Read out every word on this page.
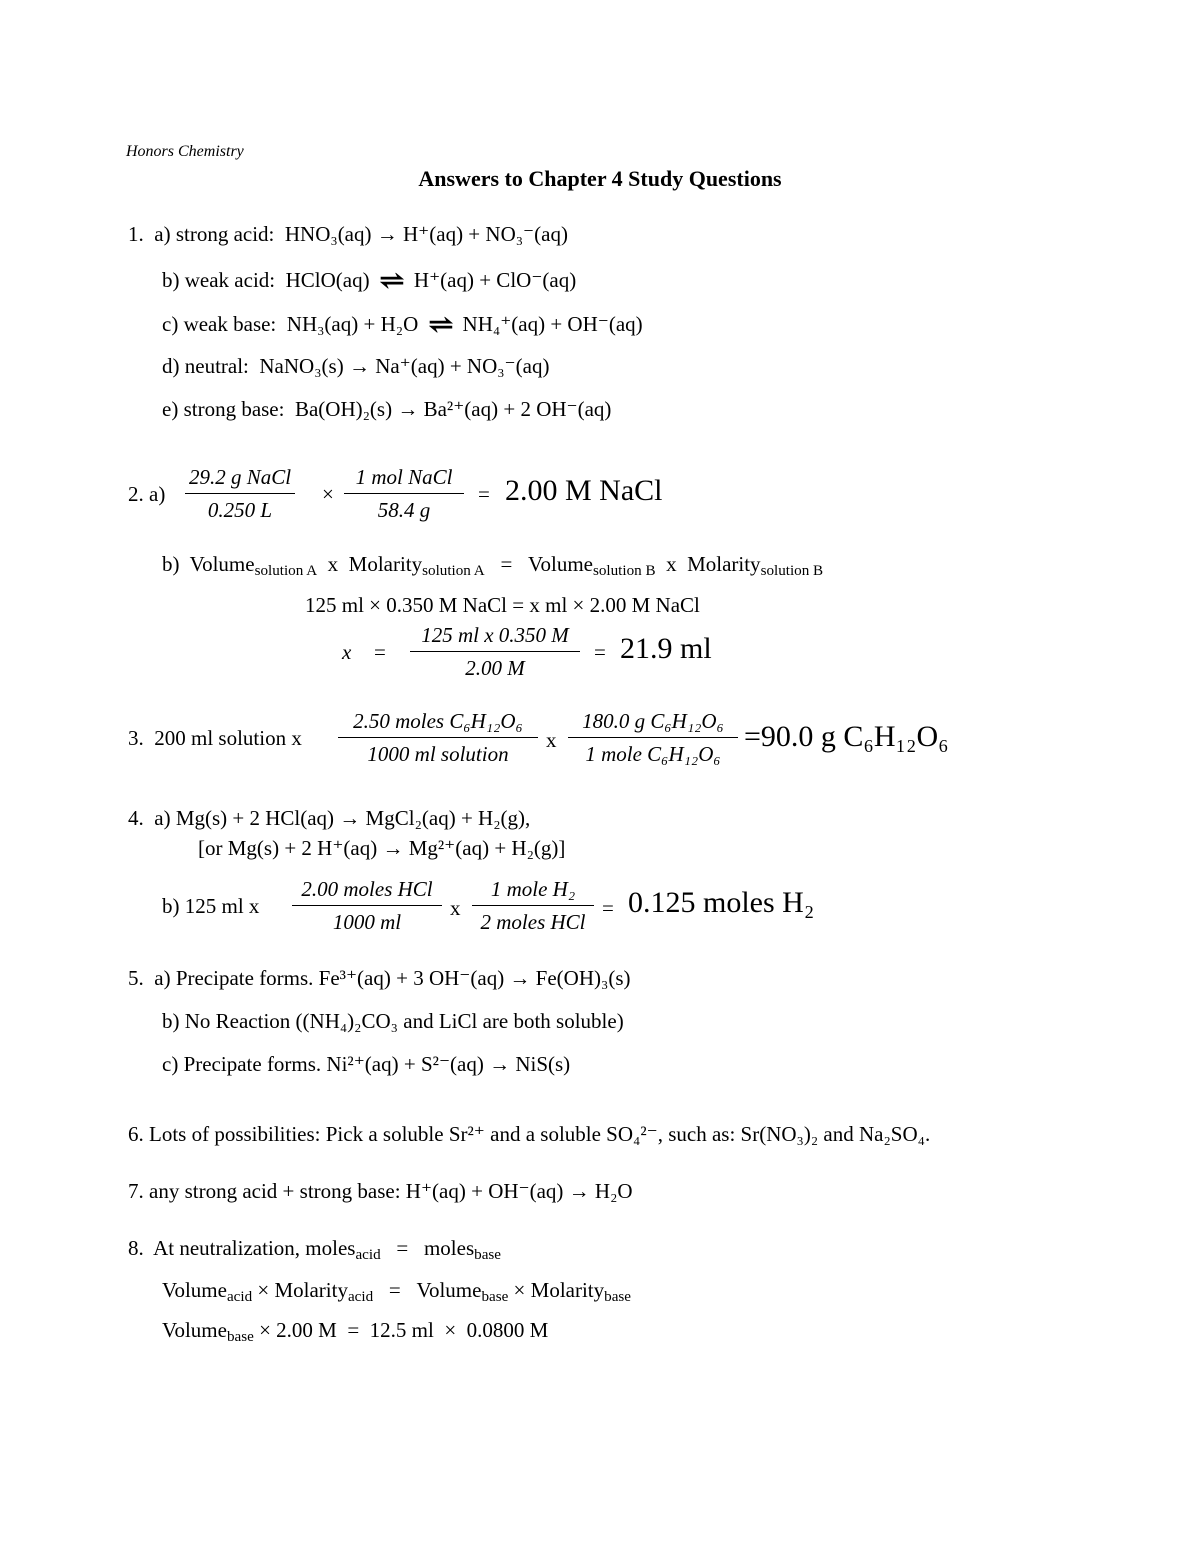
Honors Chemistry
Answers to Chapter 4 Study Questions
1. a) strong acid: HNO₃(aq) → H⁺(aq) + NO₃⁻(aq)
b) weak acid: HClO(aq) ⇌ H⁺(aq) + ClO⁻(aq)
c) weak base: NH₃(aq) + H₂O ⇌ NH₄⁺(aq) + OH⁻(aq)
d) neutral: NaNO₃(s) → Na⁺(aq) + NO₃⁻(aq)
e) strong base: Ba(OH)₂(s) → Ba²⁺(aq) + 2 OH⁻(aq)
2. a)
29.2 g NaCl
0.250 L
×
1 mol NaCl
58.4 g
= 2.00 M NaCl
b)  Volume$_{solution A}$  x  Molarity$_{solution A}$   =   Volume$_{solution B}$  x  Molarity$_{solution B}$
125 ml × 0.350 M NaCl = x ml × 2.00 M NaCl
x =
125 ml x 0.350 M
2.00 M
= 21.9 ml
3. 200 ml solution x
2.50 moles C₆H₁₂O₆
1000 ml solution
x
180.0 g C₆H₁₂O₆
1 mole C₆H₁₂O₆
=90.0 g C₆H₁₂O₆
4. a) Mg(s) + 2 HCl(aq) → MgCl₂(aq) + H₂(g),
[or Mg(s) + 2 H⁺(aq) → Mg²⁺(aq) + H₂(g)]
b) 125 ml x
2.00 moles HCl
1000 ml
x
1 mole H₂
2 moles HCl
= 0.125 moles H₂
5. a) Precipate forms. Fe³⁺(aq) + 3 OH⁻(aq) → Fe(OH)₃(s)
b) No Reaction ((NH₄)₂CO₃ and LiCl are both soluble)
c) Precipate forms. Ni²⁺(aq) + S²⁻(aq) → NiS(s)
6. Lots of possibilities: Pick a soluble Sr²⁺ and a soluble SO₄²⁻, such as: Sr(NO₃)₂ and Na₂SO₄.
7. any strong acid + strong base: H⁺(aq) + OH⁻(aq) → H₂O
8.  At neutralization, moles$_{acid}$   =   moles$_{base}$
Volume$_{acid}$ × Molarity$_{acid}$   =   Volume$_{base}$ × Molarity$_{base}$
Volume$_{base}$ × 2.00 M  =  12.5 ml  ×  0.0800 M
